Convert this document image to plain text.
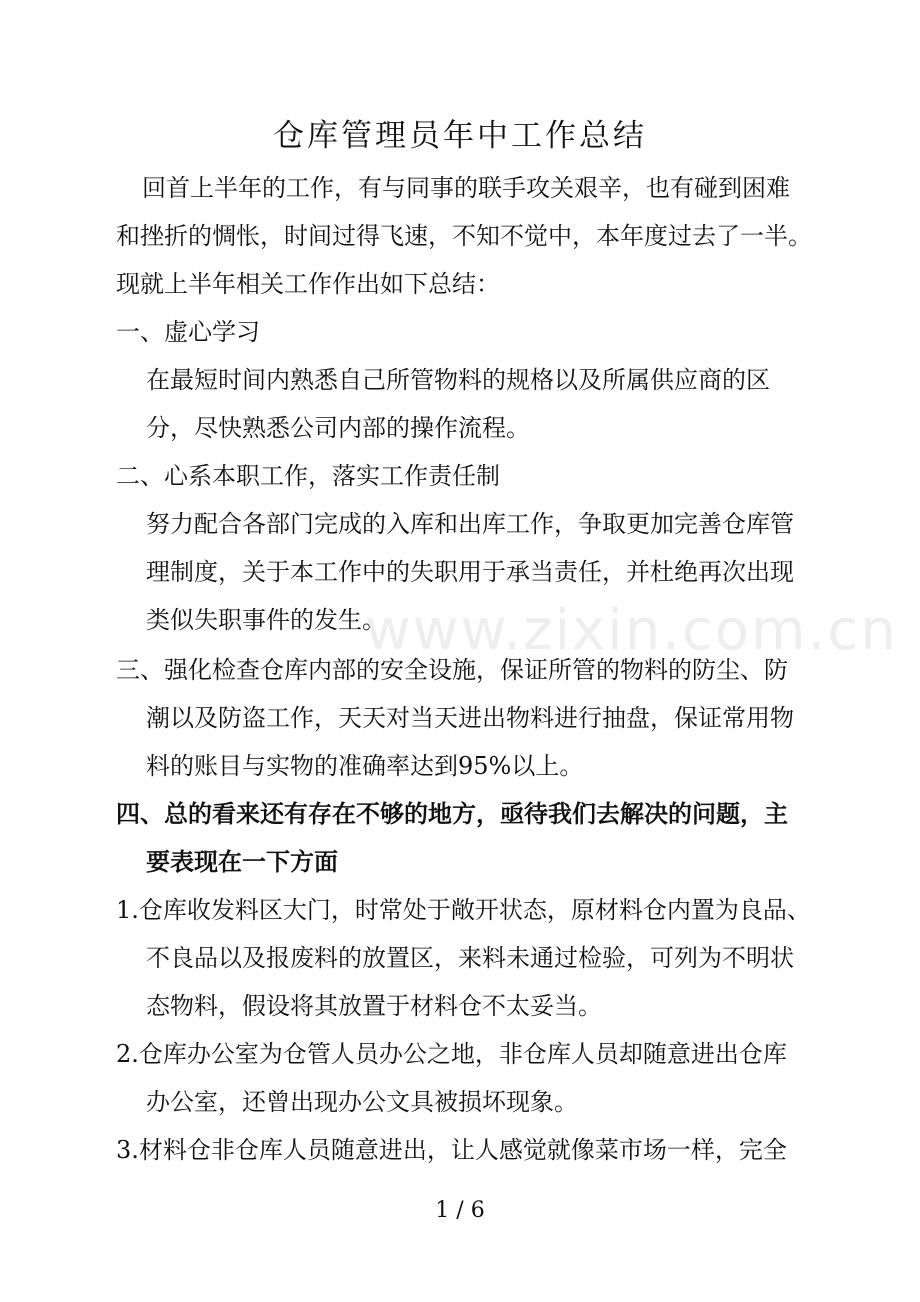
仓库管理员年中工作总结
回首上半年的工作，有与同事的联手攻关艰辛，也有碰到困难
和挫折的惆怅，时间过得飞速，不知不觉中，本年度过去了一半。
现就上半年相关工作作出如下总结：
一、虚心学习
在最短时间内熟悉自己所管物料的规格以及所属供应商的区
分，尽快熟悉公司内部的操作流程。
二、心系本职工作，落实工作责任制
努力配合各部门完成的入库和出库工作，争取更加完善仓库管
理制度，关于本工作中的失职用于承当责任，并杜绝再次出现
类似失职事件的发生。
三、强化检查仓库内部的安全设施，保证所管的物料的防尘、防
潮以及防盗工作，天天对当天进出物料进行抽盘，保证常用物
料的账目与实物的准确率达到95%以上。
四、总的看来还有存在不够的地方，亟待我们去解决的问题，主
要表现在一下方面
1.仓库收发料区大门，时常处于敞开状态，原材料仓内置为良品、
不良品以及报废料的放置区，来料未通过检验，可列为不明状
态物料，假设将其放置于材料仓不太妥当。
2.仓库办公室为仓管人员办公之地，非仓库人员却随意进出仓库
办公室，还曾出现办公文具被损坏现象。
3.材料仓非仓库人员随意进出，让人感觉就像菜市场一样，完全
www.zixin.com.cn
1 / 6
